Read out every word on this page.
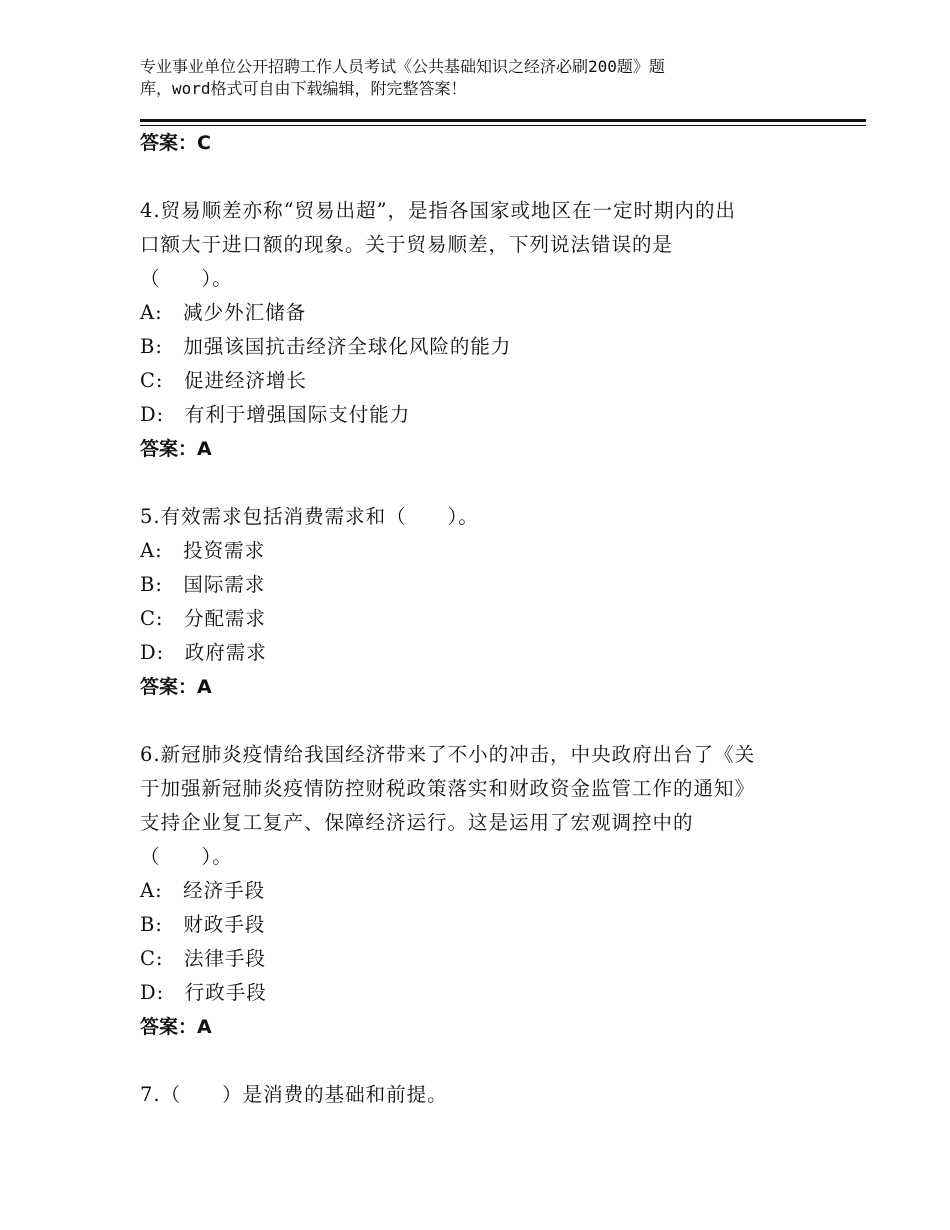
专业事业单位公开招聘工作人员考试《公共基础知识之经济必刷200题》题
库，word格式可自由下载编辑，附完整答案！
答案：C
4.贸易顺差亦称“贸易出超”，是指各国家或地区在一定时期内的出
口额大于进口额的现象。关于贸易顺差，下列说法错误的是
（　　）。
A:　减少外汇储备
B:　加强该国抗击经济全球化风险的能力
C:　促进经济增长
D:　有利于增强国际支付能力
答案：A
5.有效需求包括消费需求和（　　）。
A:　投资需求
B:　国际需求
C:　分配需求
D:　政府需求
答案：A
6.新冠肺炎疫情给我国经济带来了不小的冲击，中央政府出台了《关
于加强新冠肺炎疫情防控财税政策落实和财政资金监管工作的通知》
支持企业复工复产、保障经济运行。这是运用了宏观调控中的
（　　）。
A:　经济手段
B:　财政手段
C:　法律手段
D:　行政手段
答案：A
7.（　　）是消费的基础和前提。
